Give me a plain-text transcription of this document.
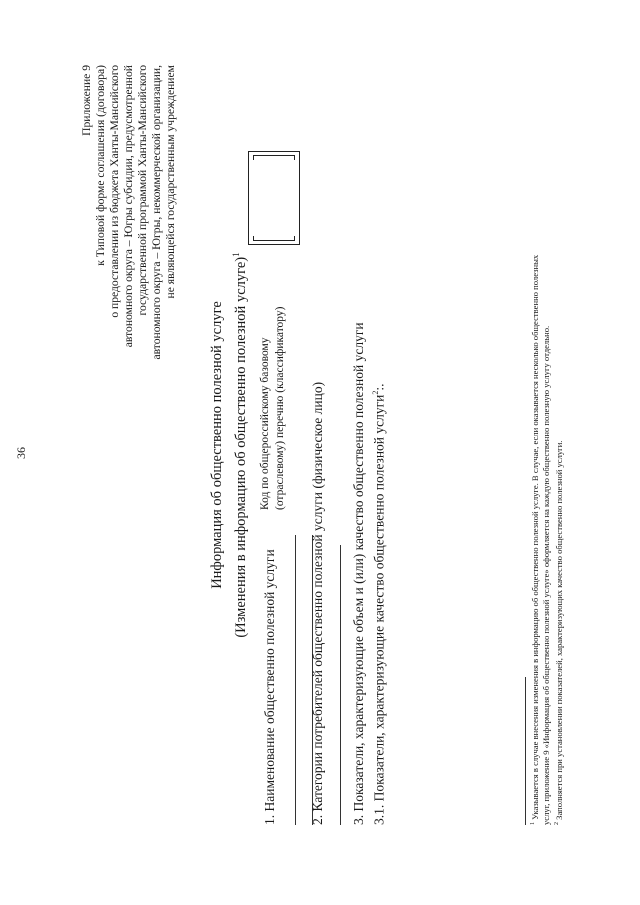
36
Приложение 9 к Типовой форме соглашения (договора) о предоставлении из бюджета Ханты-Мансийского автономного округа – Югры субсидии, предусмотренной государственной программой Ханты-Мансийского автономного округа – Югры, некоммерческой организации, не являющейся государственным учреждением
Информация об общественно полезной услуге (Изменения в информацию об общественно полезной услуге)$^1$
1. Наименование общественно полезной услуги
Код по общероссийскому базовому (отраслевому) перечню (классификатору) 2. Категории потребителей общественно полезной услуги (физическое лицо) 3. Показатели, характеризующие объем и (или) качество общественно полезной услуги 3.1. Показатели, характеризующие качество общественно полезной услуги$^2$:.
$^1$ Указывается в случае внесения изменения в информацию об общественно полезной услуге. В случае, если оказывается несколько общественно полезных услуг, приложение 9 «Информация об общественно полезной услуге» оформляется на каждую общественно полезную услугу отдельно. $^2$ Заполняется при установлении показателей, характеризующих качество общественно полезной услуги.
